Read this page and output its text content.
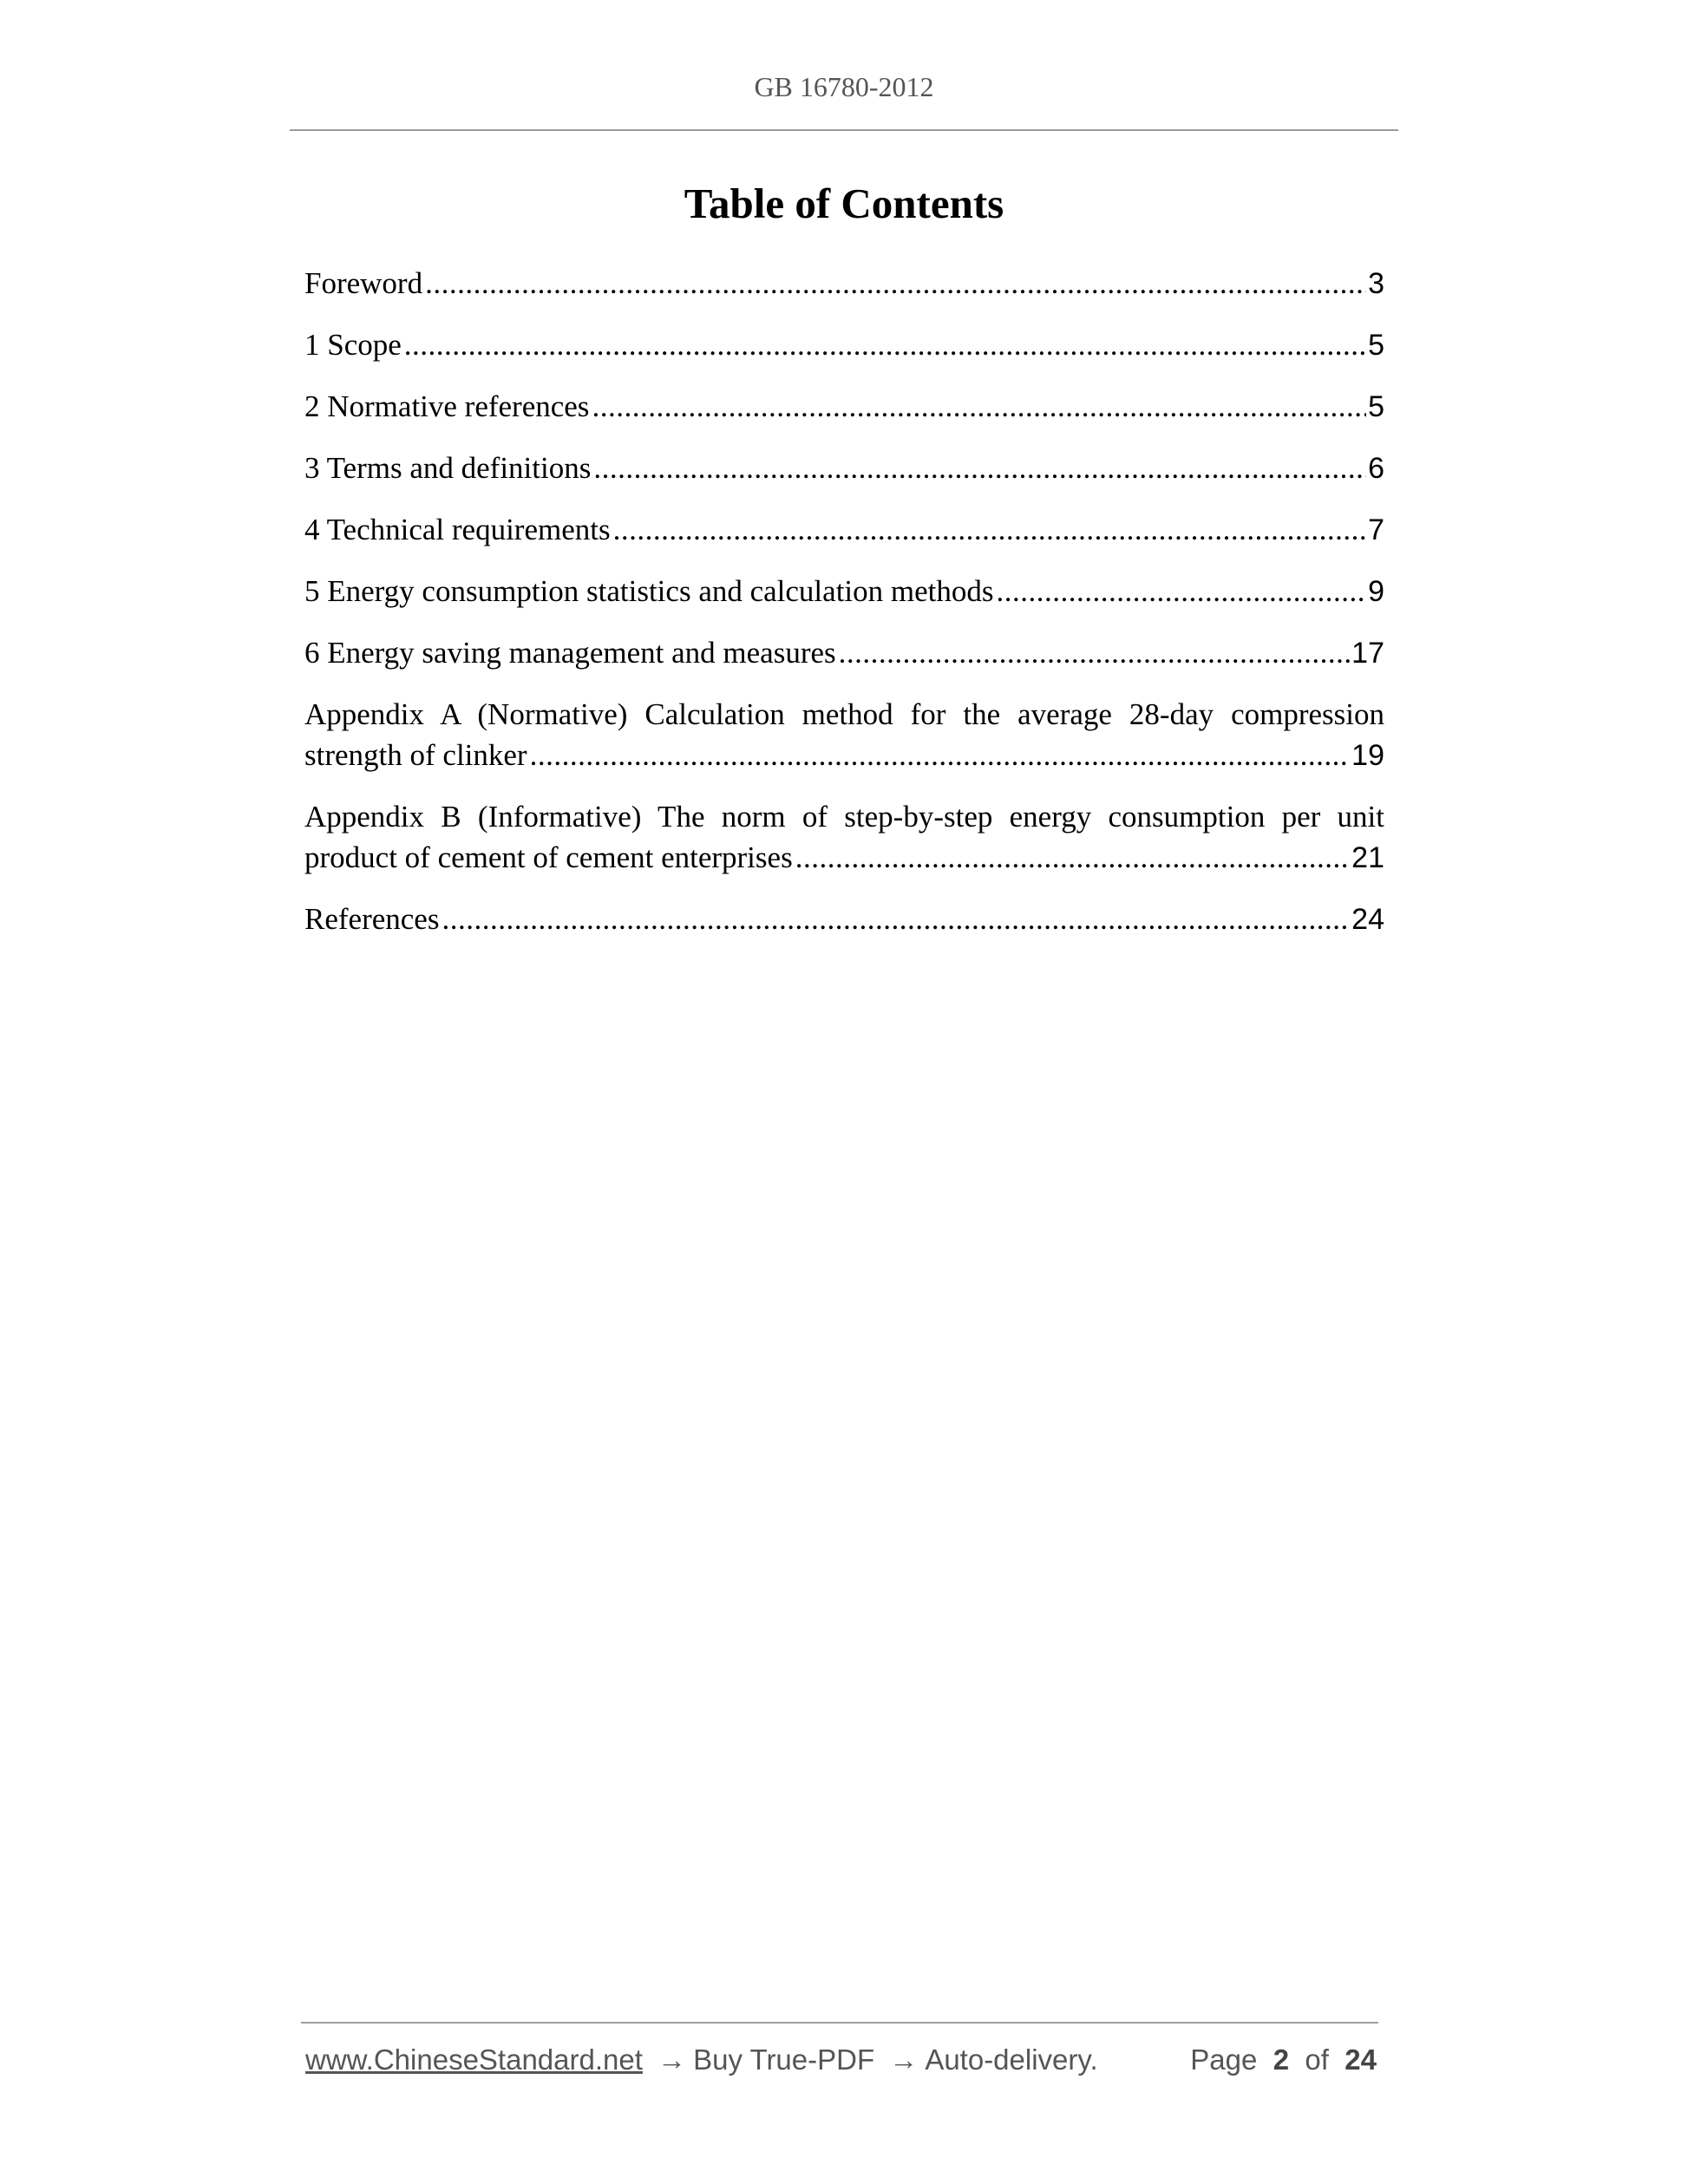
GB 16780-2012
Table of Contents
Foreword .....	3
1 Scope .....	5
2 Normative references .....	5
3 Terms and definitions .....	6
4 Technical requirements .....	7
5 Energy consumption statistics and calculation methods .....	9
6 Energy saving management and measures .....	17
Appendix A (Normative) Calculation method for the average 28-day compression
strength of clinker .....	19
Appendix B (Informative) The norm of step-by-step energy consumption per unit
product of cement of cement enterprises .....	21
References .....	24
www.ChineseStandard.net → Buy True-PDF → Auto-delivery.	Page 2 of 24
